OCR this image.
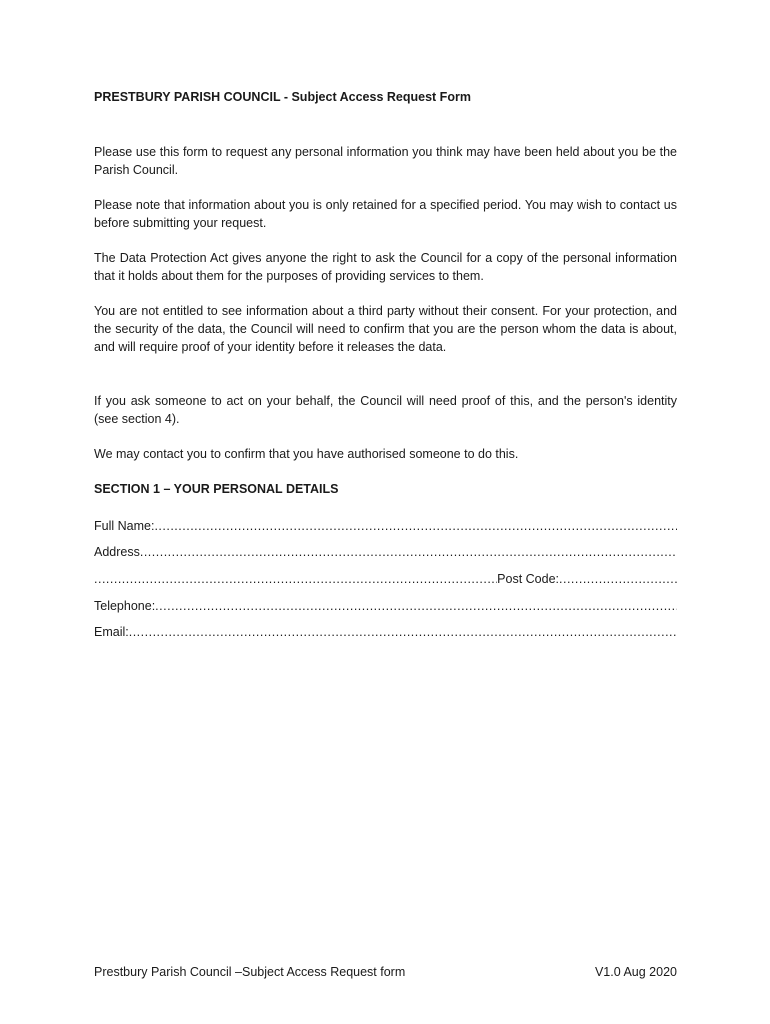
PRESTBURY PARISH COUNCIL - Subject Access Request Form

Please use this form to request any personal information you think may have been held about you be the Parish Council.

Please note that information about you is only retained for a specified period. You may wish to contact us before submitting your request.

The Data Protection Act gives anyone the right to ask the Council for a copy of the personal information that it holds about them for the purposes of providing services to them.

You are not entitled to see information about a third party without their consent. For your protection, and the security of the data, the Council will need to confirm that you are the person whom the data is about, and will require proof of your identity before it releases the data.

If you ask someone to act on your behalf, the Council will need proof of this, and the person's identity (see section 4).

We may contact you to confirm that you have authorised someone to do this.

SECTION 1 – YOUR PERSONAL DETAILS
Full Name:
.....
Address
.....
.....
Post Code:
.....
Telephone:
.....
Email:
.....
Prestbury Parish Council –Subject Access Request form	V1.0 Aug 2020
